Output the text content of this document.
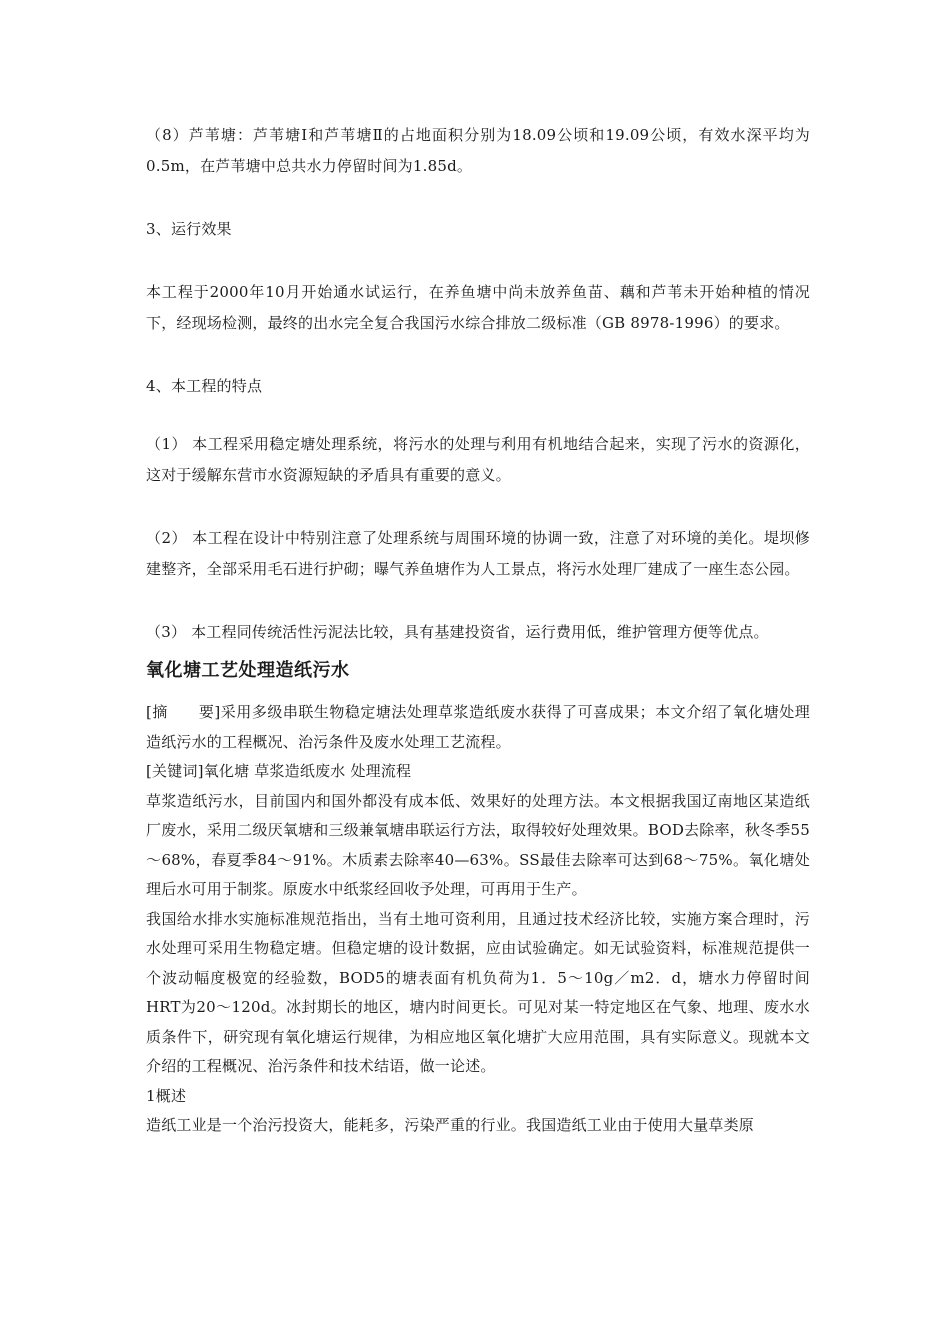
（8）芦苇塘：芦苇塘Ⅰ和芦苇塘Ⅱ的占地面积分别为18.09公顷和19.09公顷，有效水深平均为0.5m，在芦苇塘中总共水力停留时间为1.85d。

3、运行效果

本工程于2000年10月开始通水试运行，在养鱼塘中尚未放养鱼苗、藕和芦苇未开始种植的情况下，经现场检测，最终的出水完全复合我国污水综合排放二级标准（GB 8978-1996）的要求。

4、本工程的特点

（1） 本工程采用稳定塘处理系统，将污水的处理与利用有机地结合起来，实现了污水的资源化，这对于缓解东营市水资源短缺的矛盾具有重要的意义。

（2） 本工程在设计中特别注意了处理系统与周围环境的协调一致，注意了对环境的美化。堤坝修建整齐，全部采用毛石进行护砌；曝气养鱼塘作为人工景点，将污水处理厂建成了一座生态公园。

（3） 本工程同传统活性污泥法比较，具有基建投资省，运行费用低，维护管理方便等优点。

氧化塘工艺处理造纸污水

[摘　　要]采用多级串联生物稳定塘法处理草浆造纸废水获得了可喜成果；本文介绍了氧化塘处理造纸污水的工程概况、治污条件及废水处理工艺流程。

[关键词]氧化塘 草浆造纸废水 处理流程

草浆造纸污水，目前国内和国外都没有成本低、效果好的处理方法。本文根据我国辽南地区某造纸厂废水，采用二级厌氧塘和三级兼氧塘串联运行方法，取得较好处理效果。BOD去除率，秋冬季55～68%，春夏季84～91%。木质素去除率40—63%。SS最佳去除率可达到68～75%。氧化塘处理后水可用于制浆。原废水中纸浆经回收予处理，可再用于生产。

我国给水排水实施标准规范指出，当有土地可资利用，且通过技术经济比较，实施方案合理时，污水处理可采用生物稳定塘。但稳定塘的设计数据，应由试验确定。如无试验资料，标准规范提供一个波动幅度极宽的经验数，BOD5的塘表面有机负荷为1．5～10g／m2．d，塘水力停留时间HRT为20～120d。冰封期长的地区，塘内时间更长。可见对某一特定地区在气象、地理、废水水质条件下，研究现有氧化塘运行规律，为相应地区氧化塘扩大应用范围，具有实际意义。现就本文介绍的工程概况、治污条件和技术结语，做一论述。

1概述

造纸工业是一个治污投资大，能耗多，污染严重的行业。我国造纸工业由于使用大量草类原
